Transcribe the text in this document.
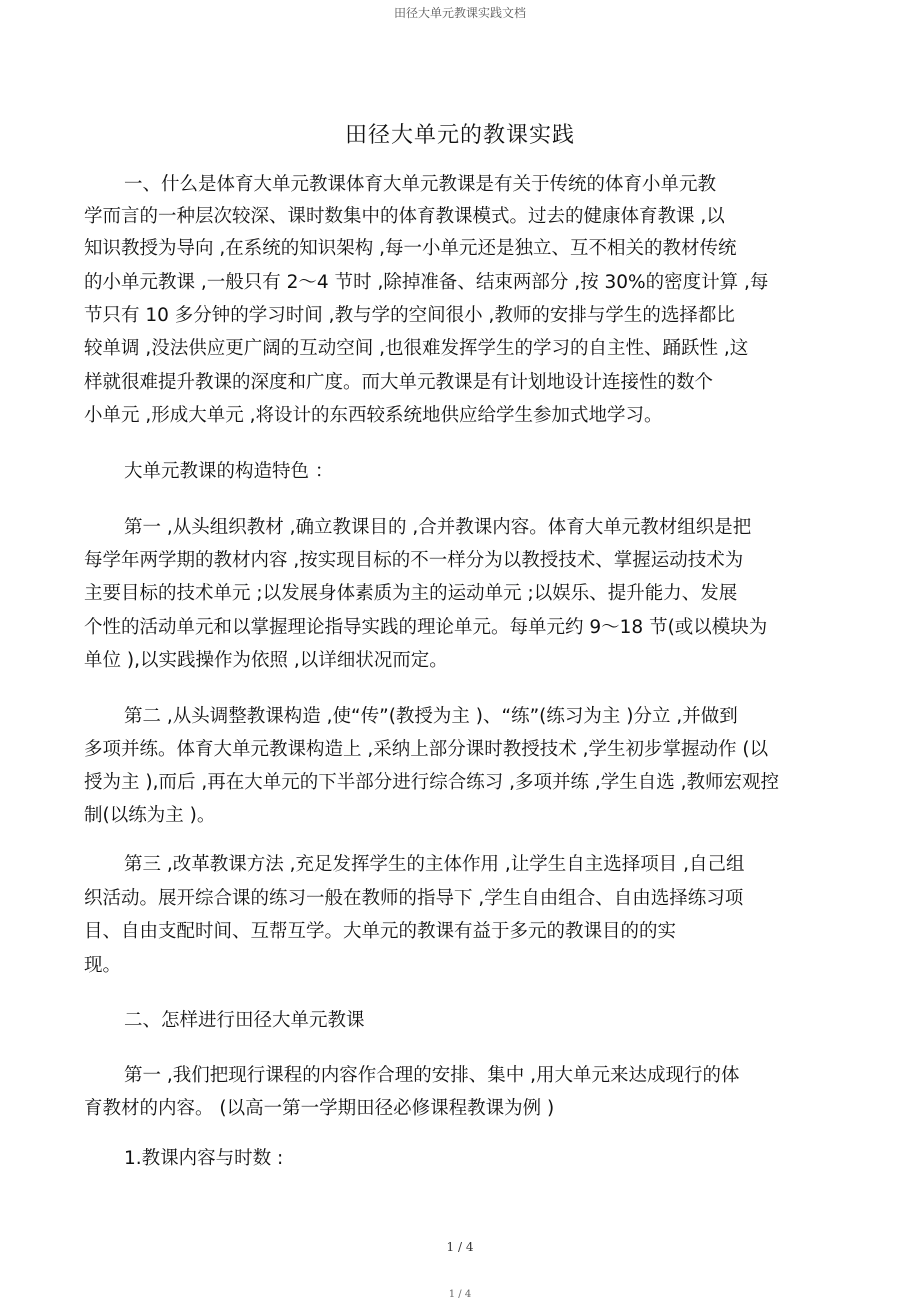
田径大单元教课实践文档
田径大单元的教课实践
一、什么是体育大单元教课体育大单元教课是有关于传统的体育小单元教
学而言的一种层次较深、课时数集中的体育教课模式。过去的健康体育教课 ,以
知识教授为导向 ,在系统的知识架构 ,每一小单元还是独立、互不相关的教材传统
的小单元教课 ,一般只有 2～4 节时 ,除掉准备、结束两部分 ,按 30%的密度计算 ,每
节只有 10 多分钟的学习时间 ,教与学的空间很小 ,教师的安排与学生的选择都比
较单调 ,没法供应更广阔的互动空间 ,也很难发挥学生的学习的自主性、踊跃性 ,这
样就很难提升教课的深度和广度。而大单元教课是有计划地设计连接性的数个
小单元 ,形成大单元 ,将设计的东西较系统地供应给学生参加式地学习。
大单元教课的构造特色 ：
第一 ,从头组织教材 ,确立教课目的 ,合并教课内容。体育大单元教材组织是把
每学年两学期的教材内容 ,按实现目标的不一样分为以教授技术、掌握运动技术为
主要目标的技术单元 ;以发展身体素质为主的运动单元 ;以娱乐、提升能力、发展
个性的活动单元和以掌握理论指导实践的理论单元。每单元约 9～18 节(或以模块为
单位 ),以实践操作为依照 ,以详细状况而定。
第二 ,从头调整教课构造 ,使“传”(教授为主 )、“练”(练习为主 )分立 ,并做到
多项并练。体育大单元教课构造上 ,采纳上部分课时教授技术 ,学生初步掌握动作 (以
授为主 ),而后 ,再在大单元的下半部分进行综合练习 ,多项并练 ,学生自选 ,教师宏观控
制(以练为主 )。
第三 ,改革教课方法 ,充足发挥学生的主体作用 ,让学生自主选择项目 ,自己组
织活动。展开综合课的练习一般在教师的指导下 ,学生自由组合、自由选择练习项
目、自由支配时间、互帮互学。大单元的教课有益于多元的教课目的的实
现。
二、怎样进行田径大单元教课
第一 ,我们把现行课程的内容作合理的安排、集中 ,用大单元来达成现行的体
育教材的内容。 (以高一第一学期田径必修课程教课为例 )
1.教课内容与时数 :
1 / 4
1 / 4
